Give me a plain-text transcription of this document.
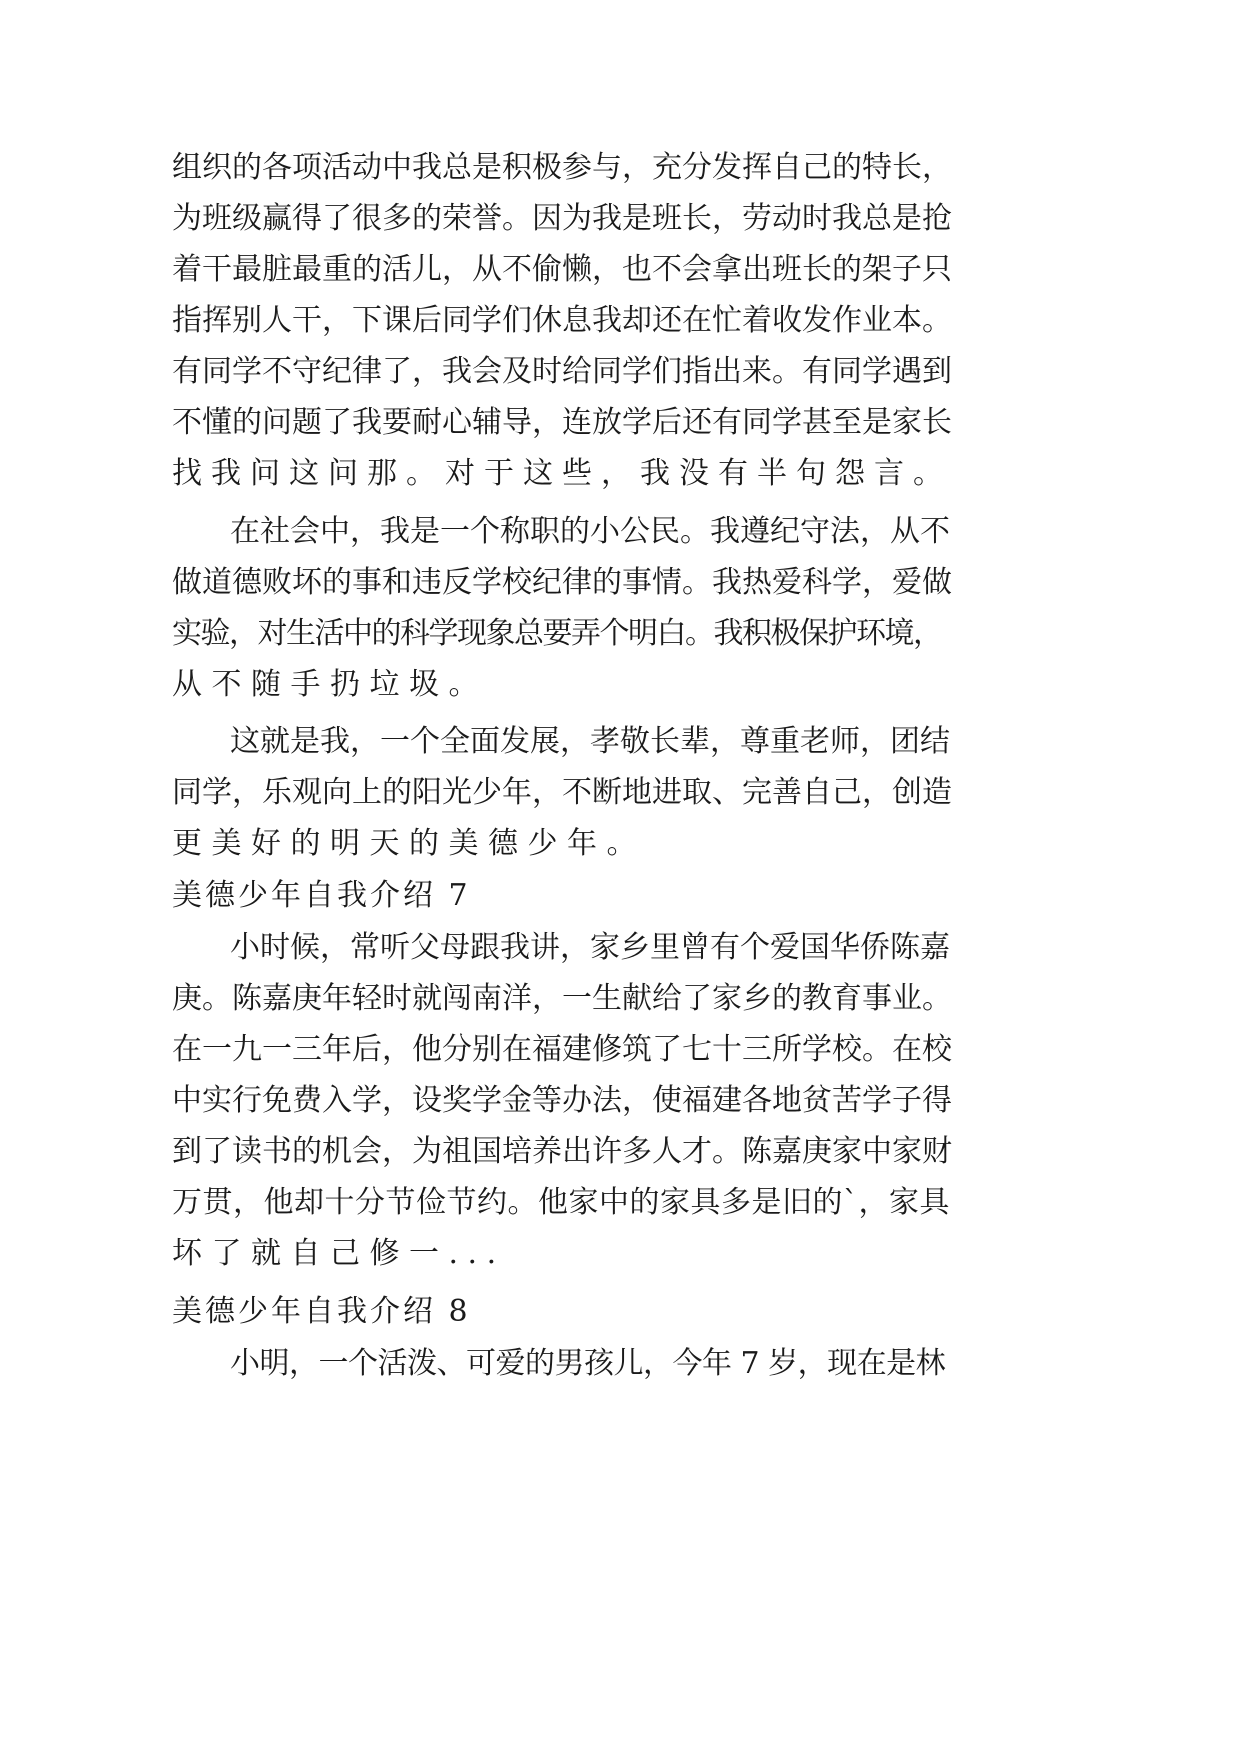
组织的各项活动中我总是积极参与，充分发挥自己的特长，
为班级赢得了很多的荣誉。因为我是班长，劳动时我总是抢
着干最脏最重的活儿，从不偷懒，也不会拿出班长的架子只
指挥别人干，下课后同学们休息我却还在忙着收发作业本。
有同学不守纪律了，我会及时给同学们指出来。有同学遇到
不懂的问题了我要耐心辅导，连放学后还有同学甚至是家长
找我问这问那。对于这些，我没有半句怨言。
在社会中，我是一个称职的小公民。我遵纪守法，从不
做道德败坏的事和违反学校纪律的事情。我热爱科学，爱做
实验，对生活中的科学现象总要弄个明白。我积极保护环境，
从不随手扔垃圾。
这就是我，一个全面发展，孝敬长辈，尊重老师，团结
同学，乐观向上的阳光少年，不断地进取、完善自己，创造
更美好的明天的美德少年。
美德少年自我介绍 7
小时候，常听父母跟我讲，家乡里曾有个爱国华侨陈嘉
庚。陈嘉庚年轻时就闯南洋，一生献给了家乡的教育事业。
在一九一三年后，他分别在福建修筑了七十三所学校。在校
中实行免费入学，设奖学金等办法，使福建各地贫苦学子得
到了读书的机会，为祖国培养出许多人才。陈嘉庚家中家财
万贯，他却十分节俭节约。他家中的家具多是旧的`，家具
坏了就自己修一...
美德少年自我介绍 8
小明，一个活泼、可爱的男孩儿，今年 7 岁，现在是林
